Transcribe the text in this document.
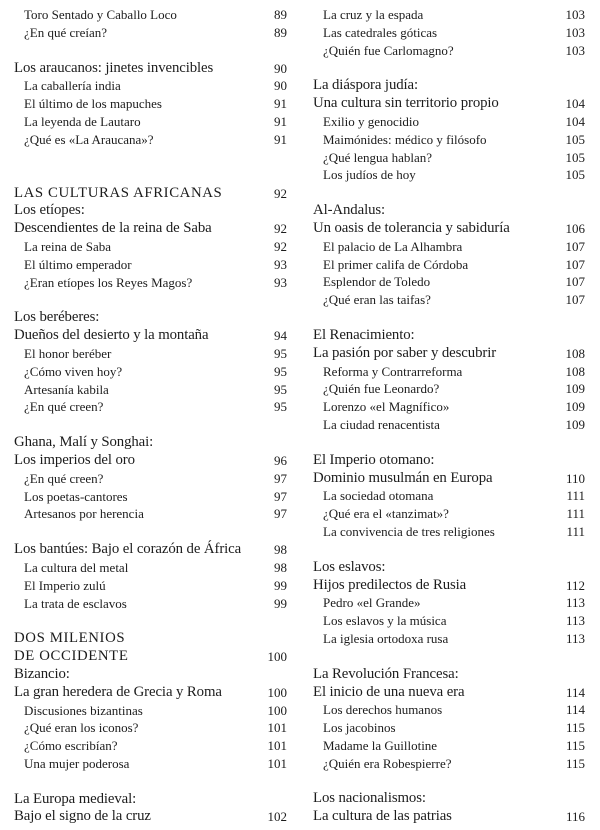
Toro Sentado y Caballo Loco	89
¿En qué creían?	89
Los araucanos: jinetes invencibles	90
La caballería india	90
El último de los mapuches	91
La leyenda de Lautaro	91
¿Qué es «La Araucana»?	91
LAS CULTURAS AFRICANAS	92
Los etíopes:
Descendientes de la reina de Saba	92
La reina de Saba	92
El último emperador	93
¿Eran etíopes los Reyes Magos?	93
Los beréberes:
Dueños del desierto y la montaña	94
El honor beréber	95
¿Cómo viven hoy?	95
Artesanía kabila	95
¿En qué creen?	95
Ghana, Malí y Songhai:
Los imperios del oro	96
¿En qué creen?	97
Los poetas-cantores	97
Artesanos por herencia	97
Los bantúes: Bajo el corazón de África	98
La cultura del metal	98
El Imperio zulú	99
La trata de esclavos	99
DOS MILENIOS
DE OCCIDENTE	100
Bizancio:
La gran heredera de Grecia y Roma	100
Discusiones bizantinas	100
¿Qué eran los iconos?	101
¿Cómo escribían?	101
Una mujer poderosa	101
La Europa medieval:
Bajo el signo de la cruz	102
La cruz y la espada	103
Las catedrales góticas	103
¿Quién fue Carlomagno?	103
La diáspora judía:
Una cultura sin territorio propio	104
Exilio y genocidio	104
Maimónides: médico y filósofo	105
¿Qué lengua hablan?	105
Los judíos de hoy	105
Al-Andalus:
Un oasis de tolerancia y sabiduría	106
El palacio de La Alhambra	107
El primer califa de Córdoba	107
Esplendor de Toledo	107
¿Qué eran las taifas?	107
El Renacimiento:
La pasión por saber y descubrir	108
Reforma y Contrarreforma	108
¿Quién fue Leonardo?	109
Lorenzo «el Magnífico»	109
La ciudad renacentista	109
El Imperio otomano:
Dominio musulmán en Europa	110
La sociedad otomana	111
¿Qué era el «tanzimat»?	111
La convivencia de tres religiones	111
Los eslavos:
Hijos predilectos de Rusia	112
Pedro «el Grande»	113
Los eslavos y la música	113
La iglesia ortodoxa rusa	113
La Revolución Francesa:
El inicio de una nueva era	114
Los derechos humanos	114
Los jacobinos	115
Madame la Guillotine	115
¿Quién era Robespierre?	115
Los nacionalismos:
La cultura de las patrias	116
